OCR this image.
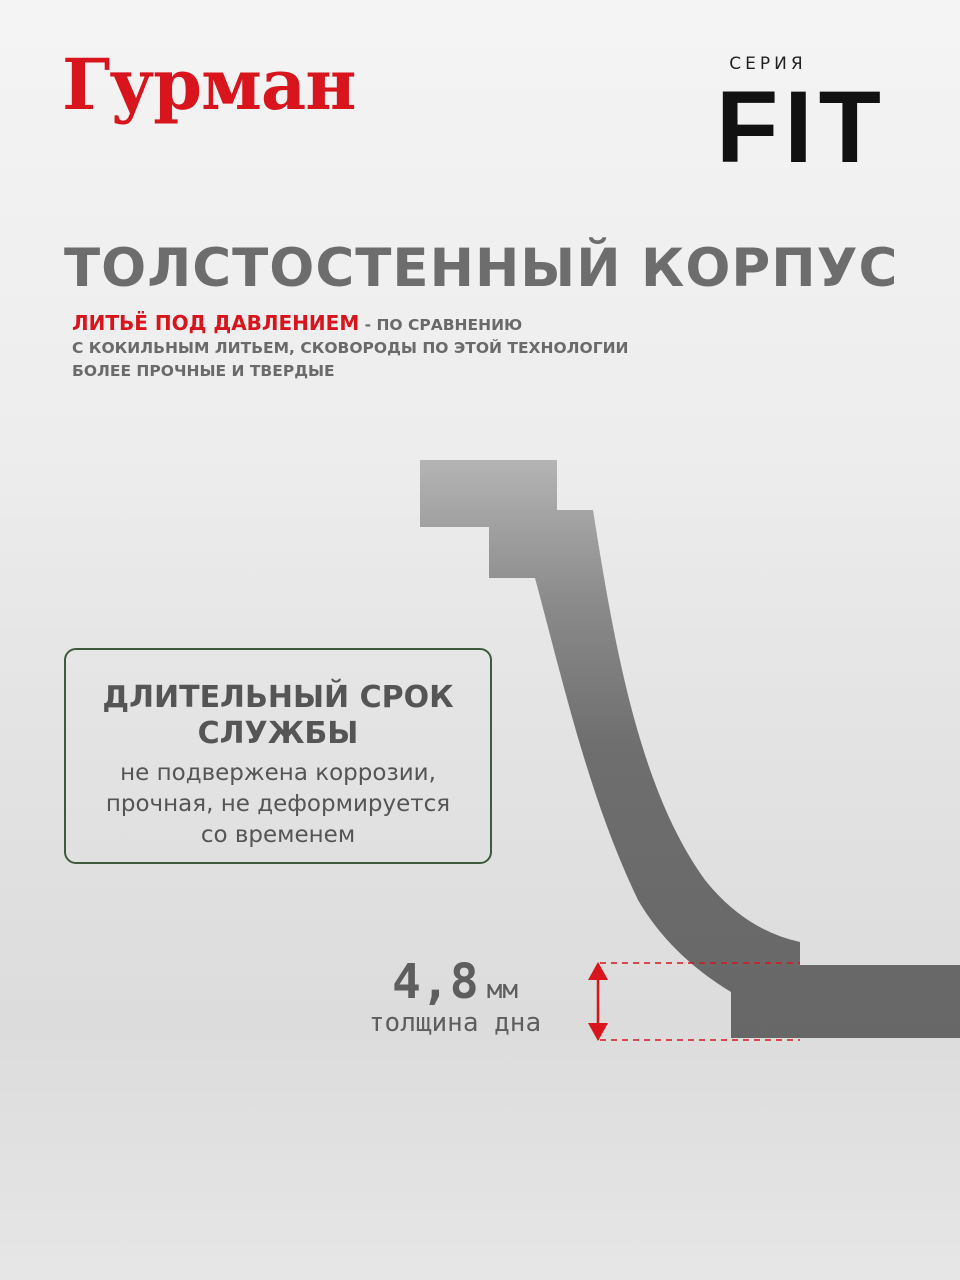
Гурман	СЕРИЯ
FIT
ТОЛСТОСТЕННЫЙ КОРПУС
ЛИТЬЁ ПОД ДАВЛЕНИЕМ - ПО СРАВНЕНИЮ
С КОКИЛЬНЫМ ЛИТЬЕМ, СКОВОРОДЫ ПО ЭТОЙ ТЕХНОЛОГИИ
БОЛЕЕ ПРОЧНЫЕ И ТВЕРДЫЕ
ДЛИТЕЛЬНЫЙ СРОК
СЛУЖБЫ
не подвержена коррозии,
прочная, не деформируется
со временем
4,8 мм
толщина дна
